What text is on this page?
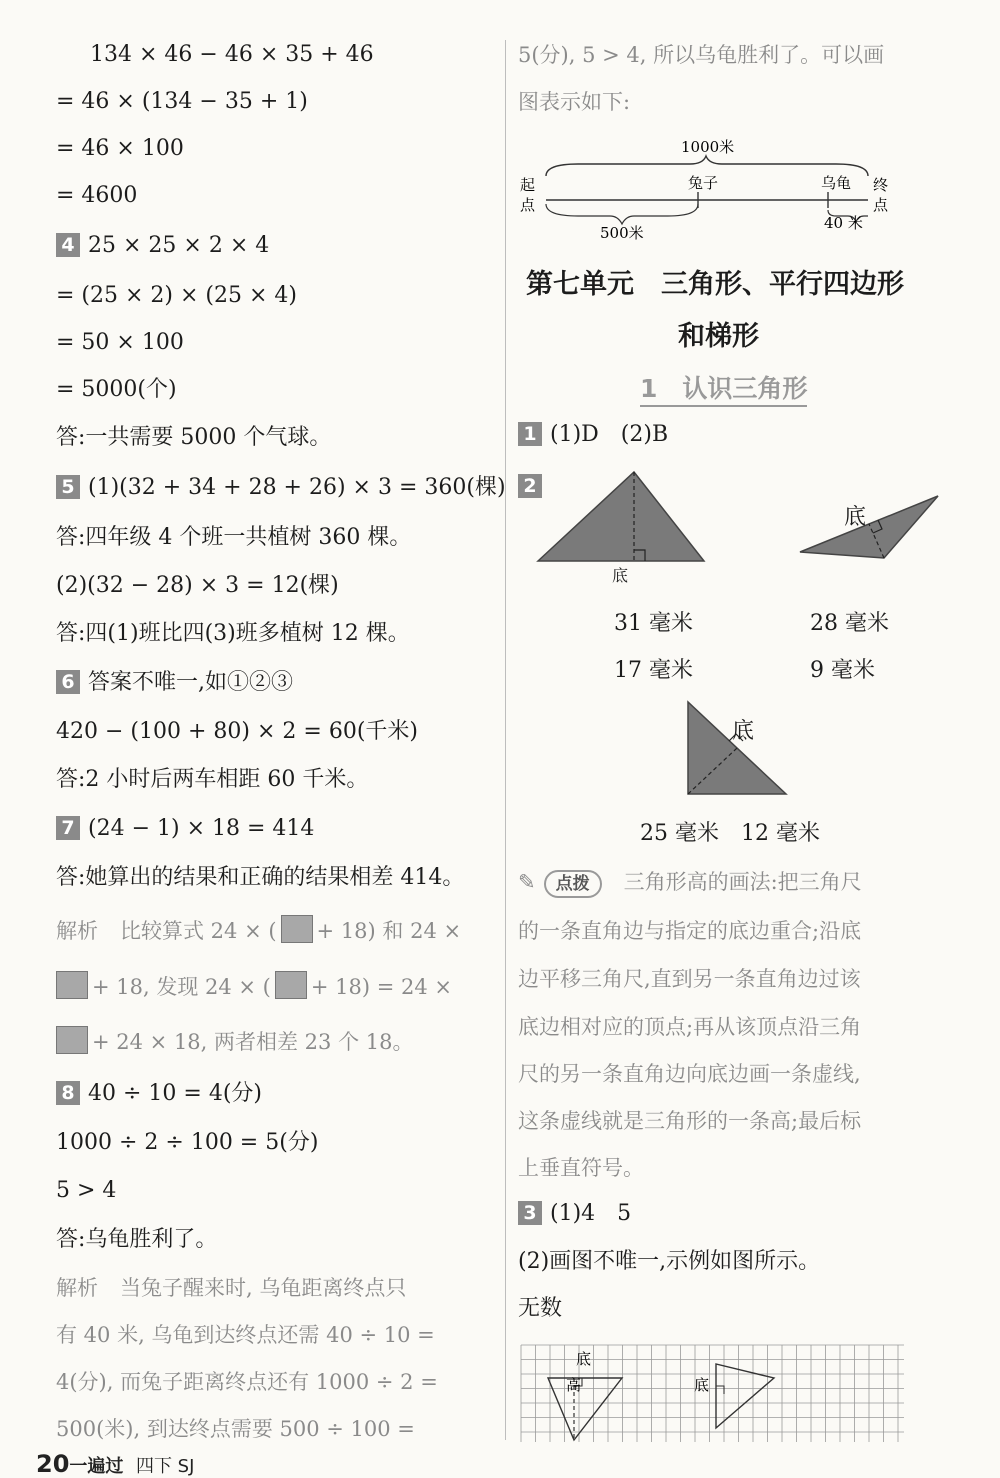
134 × 46 − 46 × 35 + 46
= 46 × (134 − 35 + 1)
= 46 × 100
= 4600
4 25 × 25 × 2 × 4
= (25 × 2) × (25 × 4)
= 50 × 100
= 5000(个)
答:一共需要 5000 个气球。
5 (1)(32 + 34 + 28 + 26) × 3 = 360(棵)
答:四年级 4 个班一共植树 360 棵。
(2)(32 − 28) × 3 = 12(棵)
答:四(1)班比四(3)班多植树 12 棵。
6 答案不唯一,如①②③
420 − (100 + 80) × 2 = 60(千米)
答:2 小时后两车相距 60 千米。
7 (24 − 1) × 18 = 414
答:她算出的结果和正确的结果相差 414。
解析 比较算式 24 × ( + 18) 和 24 ×
+ 18, 发现 24 × ( + 18) = 24 ×
+ 24 × 18, 两者相差 23 个 18。
8 40 ÷ 10 = 4(分)
1000 ÷ 2 ÷ 100 = 5(分)
5 > 4
答:乌龟胜利了。
解析 当兔子醒来时, 乌龟距离终点只
有 40 米, 乌龟到达终点还需 40 ÷ 10 =
4(分), 而兔子距离终点还有 1000 ÷ 2 =
500(米), 到达终点需要 500 ÷ 100 =
5(分), 5 > 4, 所以乌龟胜利了。可以画
图表示如下:
1000米
起
点
兔子	乌龟 终
点
40 米
500米
第七单元　三角形、平行四边形
和梯形
1　认识三角形
1 (1)D　(2)B
2
底
底
31 毫米	28 毫米
17 毫米	9 毫米
底
25 毫米　12 毫米
✎ 点拨 三角形高的画法:把三角尺
的一条直角边与指定的底边重合;沿底
边平移三角尺,直到另一条直角边过该
底边相对应的顶点;再从该顶点沿三角
尺的另一条直角边向底边画一条虚线,
这条虚线就是三角形的一条高;最后标
上垂直符号。
3 (1)4　5
(2)画图不唯一,示例如图所示。
无数
底
高	底
20一遍过 四下 SJ
